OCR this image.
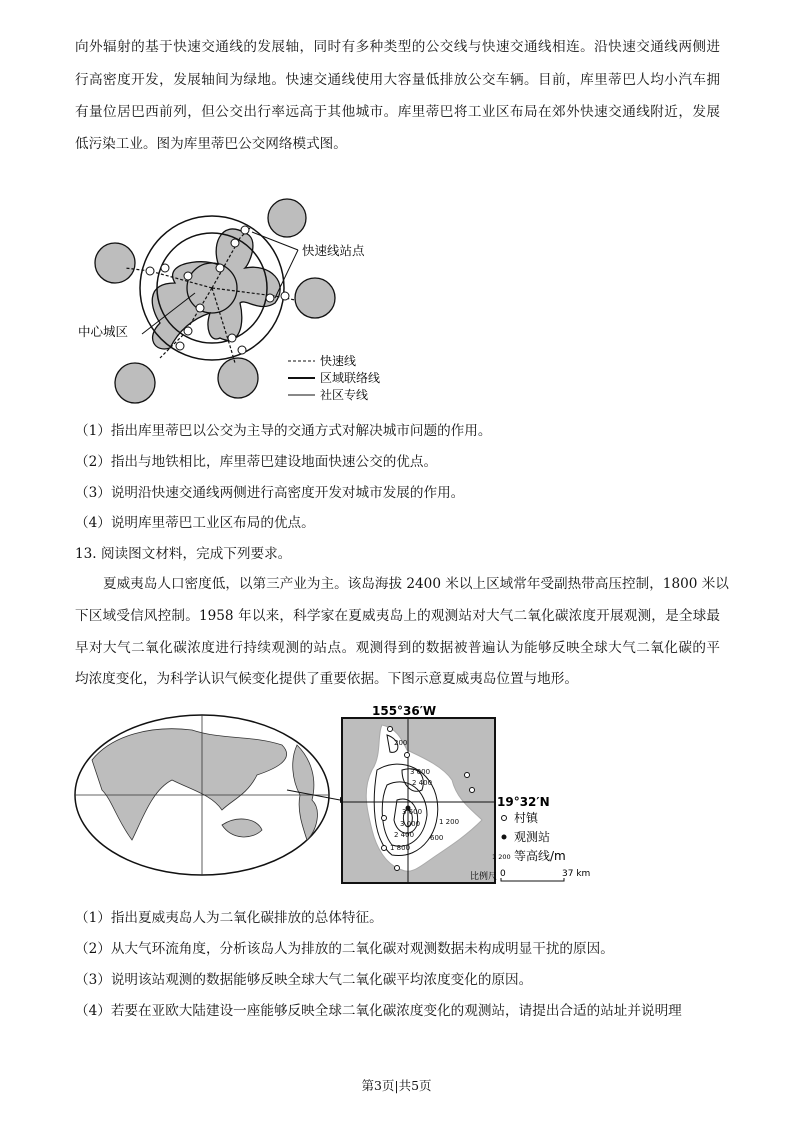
向外辐射的基于快速交通线的发展轴，同时有多种类型的公交线与快速交通线相连。沿快速交通线两侧进
行高密度开发，发展轴间为绿地。快速交通线使用大容量低排放公交车辆。目前，库里蒂巴人均小汽车拥
有量位居巴西前列，但公交出行率远高于其他城市。库里蒂巴将工业区布局在郊外快速交通线附近，发展
低污染工业。图为库里蒂巴公交网络模式图。
快速线站点
中心城区
快速线
区域联络线
社区专线
（1）指出库里蒂巴以公交为主导的交通方式对解决城市问题的作用。
（2）指出与地铁相比，库里蒂巴建设地面快速公交的优点。
（3）说明沿快速交通线两侧进行高密度开发对城市发展的作用。
（4）说明库里蒂巴工业区布局的优点。
13. 阅读图文材料，完成下列要求。
夏威夷岛人口密度低，以第三产业为主。该岛海拔 2400 米以上区域常年受副热带高压控制，1800 米以
下区域受信风控制。1958 年以来，科学家在夏威夷岛上的观测站对大气二氧化碳浓度开展观测，是全球最
早对大气二氧化碳浓度进行持续观测的站点。观测得到的数据被普遍认为能够反映全球大气二氧化碳的平
均浓度变化，为科学认识气候变化提供了重要依据。下图示意夏威夷岛位置与地形。
3 000
2 400
3 600
3 000
2 400
1 800
1 200
600
200
155°36′W
19°32′N
村镇
观测站
1 200 等高线/m
比例尺 0	37 km
（1）指出夏威夷岛人为二氧化碳排放的总体特征。
（2）从大气环流角度，分析该岛人为排放的二氧化碳对观测数据未构成明显干扰的原因。
（3）说明该站观测的数据能够反映全球大气二氧化碳平均浓度变化的原因。
（4）若要在亚欧大陆建设一座能够反映全球二氧化碳浓度变化的观测站，请提出合适的站址并说明理
第3页|共5页
